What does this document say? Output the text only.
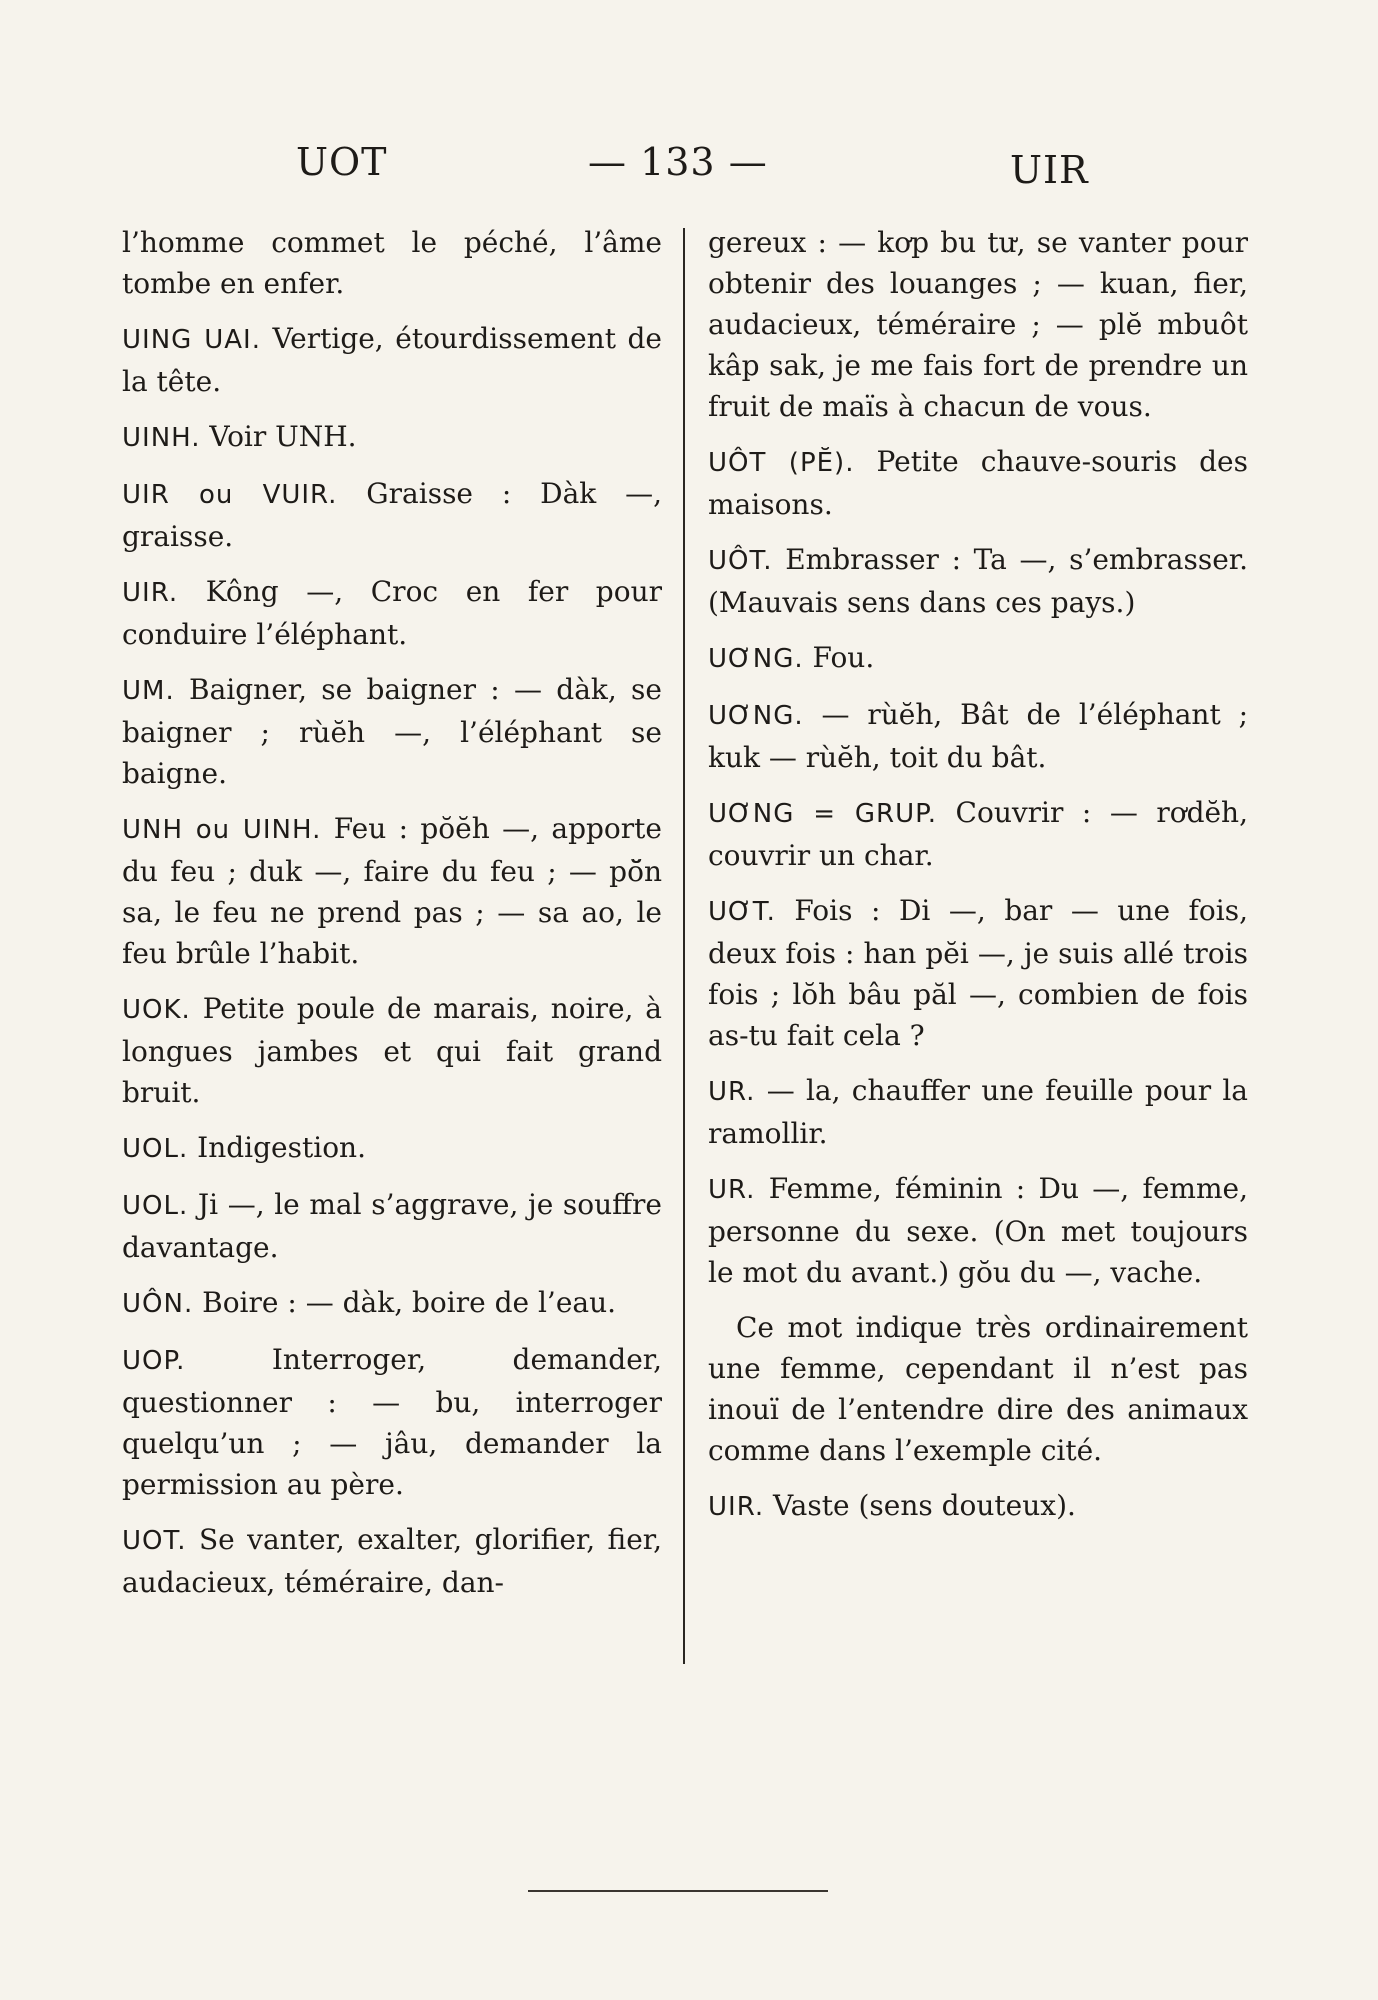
UOT	— 133 —	UIR

l’homme commet le péché, l’âme tombe en enfer.

UING UAI. Vertige, étourdissement de la tête.

UINH. Voir UNH.

UIR ou VUIR. Graisse : Dàk —, graisse.

UIR. Kông —, Croc en fer pour conduire l’éléphant.

UM. Baigner, se baigner : — dàk, se baigner ; rùĕh —, l’éléphant se baigne.

UNH ou UINH. Feu : pŏĕh —, apporte du feu ; duk —, faire du feu ; — pŏ̆n sa, le feu ne prend pas ; — sa ao, le feu brûle l’habit.

UOK. Petite poule de marais, noire, à longues jambes et qui fait grand bruit.

UOL. Indigestion.

UOL. Ji —, le mal s’aggrave, je souffre davantage.

UÔN. Boire : — dàk, boire de l’eau.

UOP.	Interroger, demander, questionner : — bu, interroger quelqu’un ; — jâu, demander la permission au père.

UOT. Se vanter, exalter, glorifier, fier, audacieux, téméraire, dan-

gereux : — kơp bu tư, se vanter pour obtenir des louanges ; — kuan, fier, audacieux, téméraire ; — plĕ mbuôt kâp sak, je me fais fort de prendre un fruit de maïs à chacun de vous.

UÔT (PĔ). Petite chauve-souris des maisons.

UÔT. Embrasser : Ta —, s’embrasser. (Mauvais sens dans ces pays.)

UƠNG. Fou.

UƠNG. — rùĕh, Bât de l’éléphant ; kuk — rùĕh, toit du bât.

UƠNG = GRUP. Couvrir : — rơdĕh, couvrir un char.

UƠT. Fois : Di —, bar — une fois, deux fois : han pĕi —, je suis allé trois fois ; lŏh bâu păl —, combien de fois as-tu fait cela ?

UR. — la, chauffer une feuille pour la ramollir.

UR. Femme, féminin : Du —, femme, personne du sexe. (On met toujours le mot du avant.) gŏu du —, vache.

Ce mot indique très ordinairement une femme, cependant il n’est pas inouï de l’entendre dire des animaux comme dans l’exemple cité.

UIR. Vaste (sens douteux).
